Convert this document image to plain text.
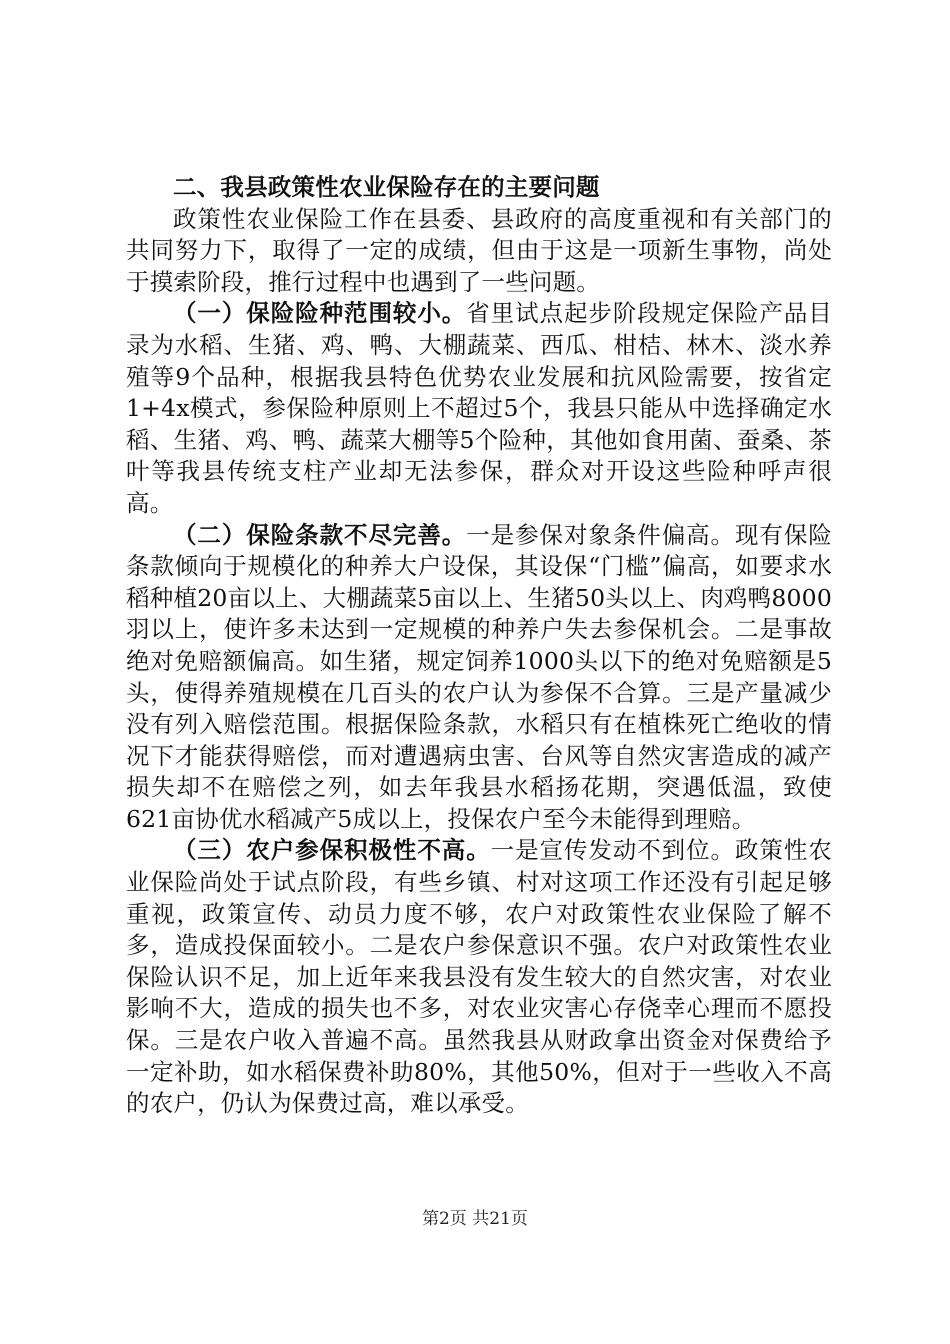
二、我县政策性农业保险存在的主要问题

政策性农业保险工作在县委、县政府的高度重视和有关部门的共同努力下，取得了一定的成绩，但由于这是一项新生事物，尚处于摸索阶段，推行过程中也遇到了一些问题。

（一）保险险种范围较小。省里试点起步阶段规定保险产品目录为水稻、生猪、鸡、鸭、大棚蔬菜、西瓜、柑桔、林木、淡水养殖等9个品种，根据我县特色优势农业发展和抗风险需要，按省定1+4x模式，参保险种原则上不超过5个，我县只能从中选择确定水稻、生猪、鸡、鸭、蔬菜大棚等5个险种，其他如食用菌、蚕桑、茶叶等我县传统支柱产业却无法参保，群众对开设这些险种呼声很高。

（二）保险条款不尽完善。一是参保对象条件偏高。现有保险条款倾向于规模化的种养大户设保，其设保“门槛”偏高，如要求水稻种植20亩以上、大棚蔬菜5亩以上、生猪50头以上、肉鸡鸭8000羽以上，使许多未达到一定规模的种养户失去参保机会。二是事故绝对免赔额偏高。如生猪，规定饲养1000头以下的绝对免赔额是5头，使得养殖规模在几百头的农户认为参保不合算。三是产量减少没有列入赔偿范围。根据保险条款，水稻只有在植株死亡绝收的情况下才能获得赔偿，而对遭遇病虫害、台风等自然灾害造成的减产损失却不在赔偿之列，如去年我县水稻扬花期，突遇低温，致使621亩协优水稻减产5成以上，投保农户至今未能得到理赔。

（三）农户参保积极性不高。一是宣传发动不到位。政策性农业保险尚处于试点阶段，有些乡镇、村对这项工作还没有引起足够重视，政策宣传、动员力度不够，农户对政策性农业保险了解不多，造成投保面较小。二是农户参保意识不强。农户对政策性农业保险认识不足，加上近年来我县没有发生较大的自然灾害，对农业影响不大，造成的损失也不多，对农业灾害心存侥幸心理而不愿投保。三是农户收入普遍不高。虽然我县从财政拿出资金对保费给予一定补助，如水稻保费补助80%，其他50%，但对于一些收入不高的农户，仍认为保费过高，难以承受。

第2页 共21页
